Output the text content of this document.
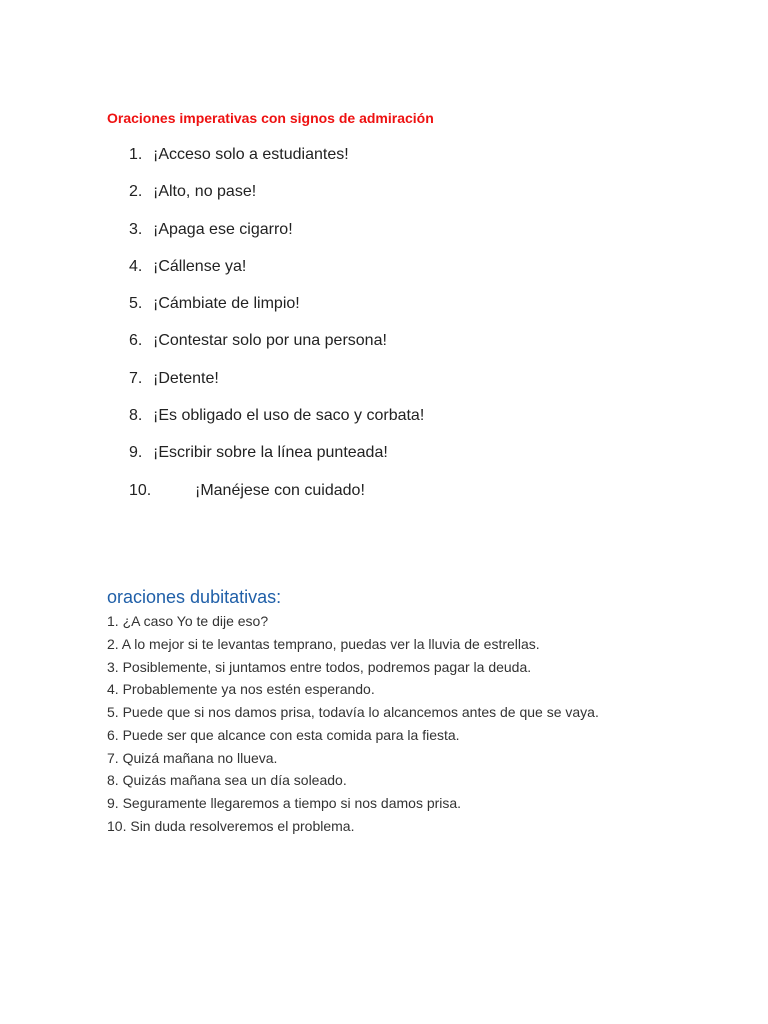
Oraciones imperativas con signos de admiración
1. ¡Acceso solo a estudiantes!
2. ¡Alto, no pase!
3. ¡Apaga ese cigarro!
4. ¡Cállense ya!
5. ¡Cámbiate de limpio!
6. ¡Contestar solo por una persona!
7. ¡Detente!
8. ¡Es obligado el uso de saco y corbata!
9. ¡Escribir sobre la línea punteada!
10.	¡Manéjese con cuidado!
oraciones dubitativas:
1. ¿A caso Yo te dije eso?
2. A lo mejor si te levantas temprano, puedas ver la lluvia de estrellas.
3. Posiblemente, si juntamos entre todos, podremos pagar la deuda.
4. Probablemente ya nos estén esperando.
5. Puede que si nos damos prisa, todavía lo alcancemos antes de que se vaya.
6. Puede ser que alcance con esta comida para la fiesta.
7. Quizá mañana no llueva.
8. Quizás mañana sea un día soleado.
9. Seguramente llegaremos a tiempo si nos damos prisa.
10. Sin duda resolveremos el problema.
